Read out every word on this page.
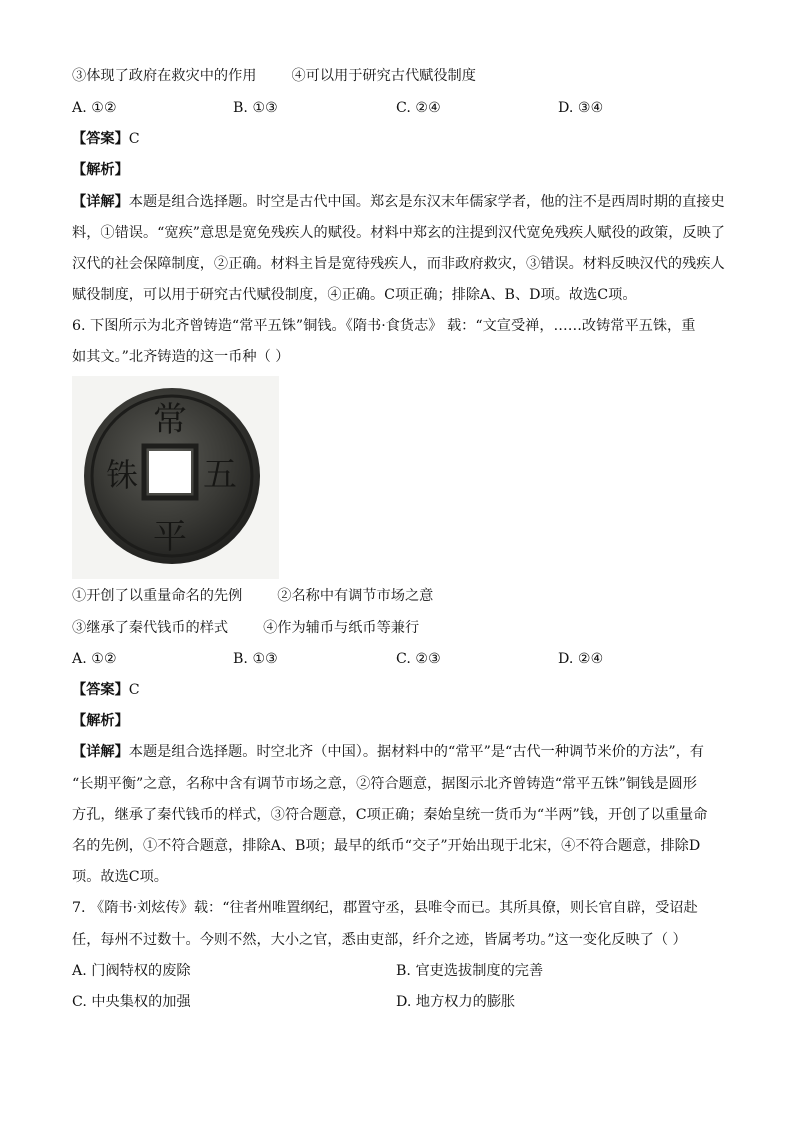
③体现了政府在救灾中的作用 ④可以用于研究古代赋役制度
A. ①②	B. ①③	C. ②④	D. ③④
【答案】C
【解析】
【详解】本题是组合选择题。时空是古代中国。郑玄是东汉末年儒家学者，他的注不是西周时期的直接史
料，①错误。“宽疾”意思是宽免残疾人的赋役。材料中郑玄的注提到汉代宽免残疾人赋役的政策，反映了
汉代的社会保障制度，②正确。材料主旨是宽待残疾人，而非政府救灾，③错误。材料反映汉代的残疾人
赋役制度，可以用于研究古代赋役制度，④正确。C项正确；排除A、B、D项。故选C项。
6. 下图所示为北齐曾铸造“常平五铢”铜钱。《隋书·食货志》 载：“文宣受禅，……改铸常平五铢，重
如其文。”北齐铸造的这一币种（ ）
常
平
五
铢
①开创了以重量命名的先例 ②名称中有调节市场之意
③继承了秦代钱币的样式 ④作为辅币与纸币等兼行
A. ①②	B. ①③	C. ②③	D. ②④
【答案】C
【解析】
【详解】本题是组合选择题。时空北齐（中国）。据材料中的“常平”是“古代一种调节米价的方法”，有
“长期平衡”之意，名称中含有调节市场之意，②符合题意，据图示北齐曾铸造“常平五铢”铜钱是圆形
方孔，继承了秦代钱币的样式，③符合题意，C项正确；秦始皇统一货币为“半两”钱，开创了以重量命
名的先例，①不符合题意，排除A、B项；最早的纸币“交子”开始出现于北宋，④不符合题意，排除D
项。故选C项。
7. 《隋书·刘炫传》载：“往者州唯置纲纪，郡置守丞，县唯令而已。其所具僚，则长官自辟，受诏赴
任，每州不过数十。今则不然，大小之官，悉由吏部，纤介之迹，皆属考功。”这一变化反映了（ ）
A. 门阀特权的废除	B. 官吏选拔制度的完善
C. 中央集权的加强	D. 地方权力的膨胀
